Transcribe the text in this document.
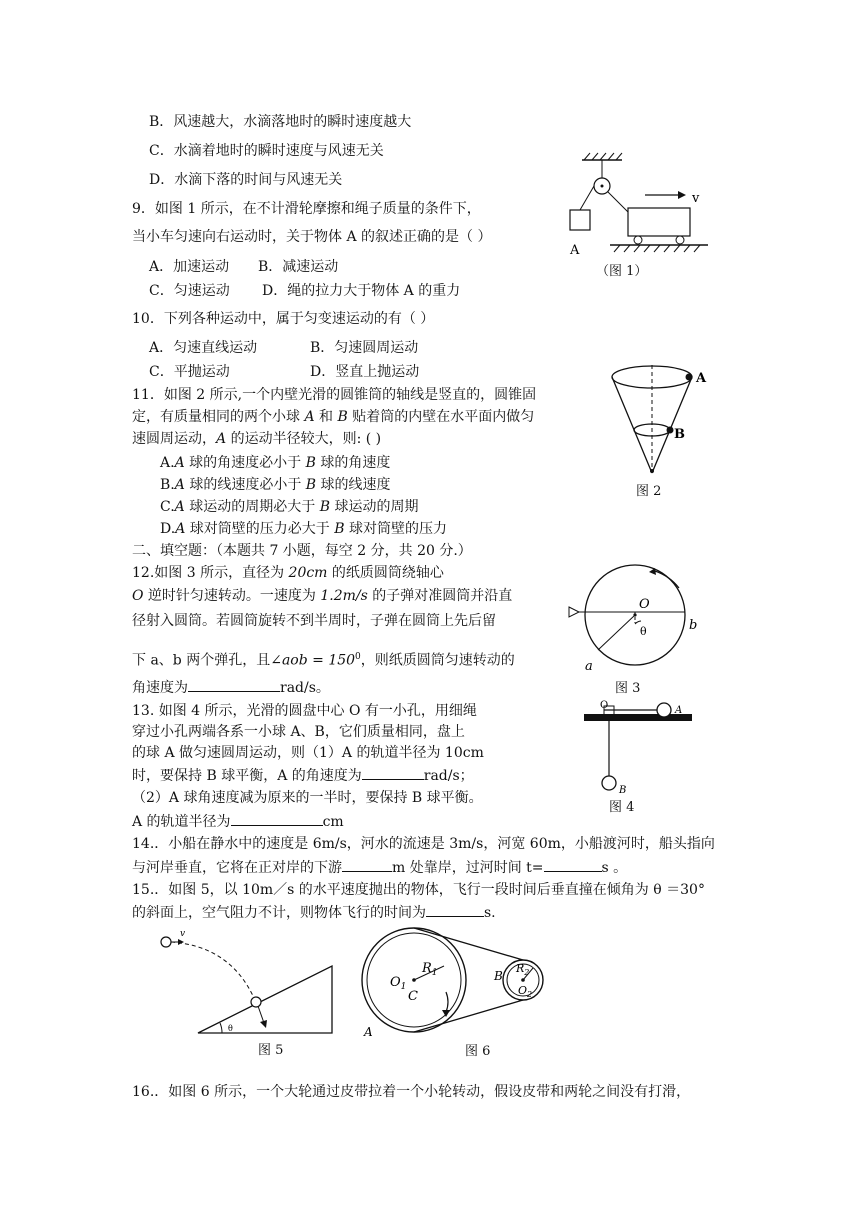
B．风速越大，水滴落地时的瞬时速度越大
C．水滴着地时的瞬时速度与风速无关
D．水滴下落的时间与风速无关
9．如图 1 所示，在不计滑轮摩擦和绳子质量的条件下，
当小车匀速向右运动时，关于物体 A 的叙述正确的是（ ）
A．加速运动 B．减速运动
C．匀速运动 D．绳的拉力大于物体 A 的重力
v
A
（图 1）
10．下列各种运动中，属于匀变速运动的有（ ）
A．匀速直线运动	B．匀速圆周运动
C．平抛运动	D．竖直上抛运动
11．如图 2 所示,一个内壁光滑的圆锥筒的轴线是竖直的，圆锥固
定，有质量相同的两个小球 A 和 B 贴着筒的内壁在水平面内做匀
速圆周运动，A 的运动半径较大，则: ( )
A.A 球的角速度必小于 B 球的角速度
B.A 球的线速度必小于 B 球的线速度
C.A 球运动的周期必大于 B 球运动的周期
D.A 球对筒壁的压力必大于 B 球对筒壁的压力
A
B
图 2
二、填空题：（本题共 7 小题，每空 2 分，共 20 分.）
12.如图 3 所示，直径为 20cm 的纸质圆筒绕轴心
O 逆时针匀速转动。一速度为 1.2m/s 的子弹对准圆筒并沿直
径射入圆筒。若圆筒旋转不到半周时，子弹在圆筒上先后留
下 a、b 两个弹孔，且∠aob = $150^0$，则纸质圆筒匀速转动的
角速度为	rad/s。
O
θ
a
b
图 3
13. 如图 4 所示，光滑的圆盘中心 O 有一小孔，用细绳
穿过小孔两端各系一小球 A、B，它们质量相同，盘上
的球 A 做匀速圆周运动，则（1）A 的轨道半径为 10cm
时，要保持 B 球平衡，A 的角速度为	rad/s；
（2）A 球角速度减为原来的一半时，要保持 B 球平衡。
A 的轨道半径为	cm
O	A
B
图 4
14.．小船在静水中的速度是 6m/s，河水的流速是 3m/s，河宽 60m，小船渡河时，船头指向
与河岸垂直，它将在正对岸的下游	m 处靠岸，过河时间 t=	s 。
15.．如图 5，以 10m／s 的水平速度抛出的物体，飞行一段时间后垂直撞在倾角为 θ ＝30°
的斜面上，空气阻力不计，则物体飞行的时间为	s.
v
θ
图 5
$O_1$
$R_1$
C
A
B
$R_2$
$O_2$
图 6
16.．如图 6 所示，一个大轮通过皮带拉着一个小轮转动，假设皮带和两轮之间没有打滑，
